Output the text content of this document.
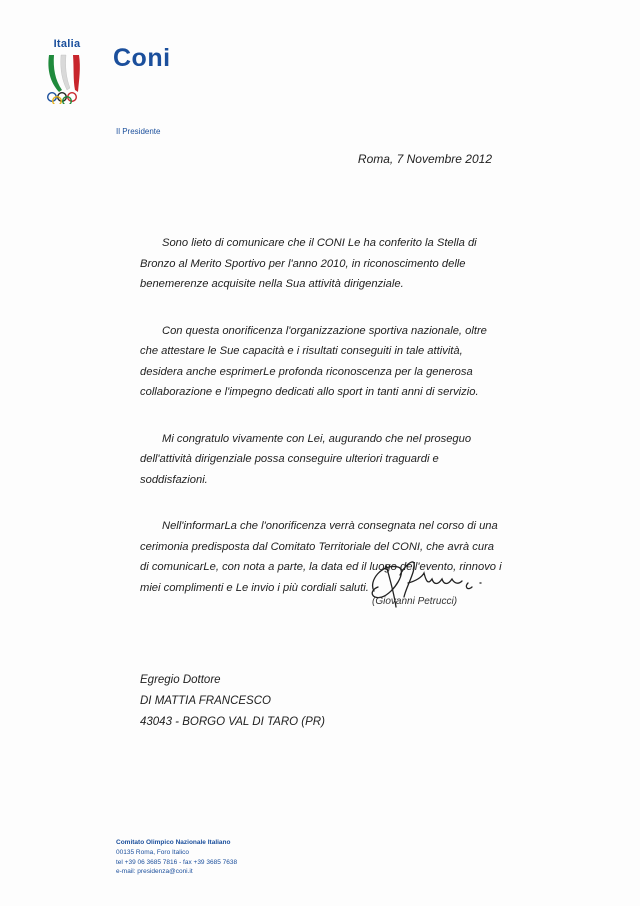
Italia	Coni
Il Presidente
Roma, 7 Novembre 2012

Sono lieto di comunicare che il CONI Le ha conferito la Stella di Bronzo al Merito Sportivo per l'anno 2010, in riconoscimento delle benemerenze acquisite nella Sua attività dirigenziale.

Con questa onorificenza l'organizzazione sportiva nazionale, oltre che attestare le Sue capacità e i risultati conseguiti in tale attività, desidera anche esprimerLe profonda riconoscenza per la generosa collaborazione e l'impegno dedicati allo sport in tanti anni di servizio.

Mi congratulo vivamente con Lei, augurando che nel proseguo dell'attività dirigenziale possa conseguire ulteriori traguardi e soddisfazioni.

Nell'informarLa che l'onorificenza verrà consegnata nel corso di una cerimonia predisposta dal Comitato Territoriale del CONI, che avrà cura di comunicarLe, con nota a parte, la data ed il luogo dell'evento, rinnovo i miei complimenti e Le invio i più cordiali saluti.

(Giovanni Petrucci)
Egregio Dottore
DI MATTIA FRANCESCO
43043 - BORGO VAL DI TARO (PR)
Comitato Olimpico Nazionale Italiano
00135 Roma, Foro Italico
tel +39 06 3685 7816 - fax +39 3685 7638
e-mail: presidenza@coni.it
